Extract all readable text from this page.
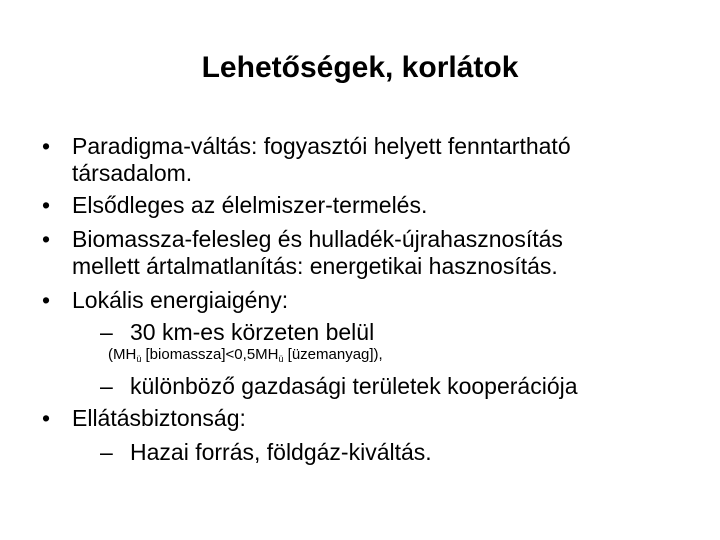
Lehetőségek, korlátok
• Paradigma-váltás: fogyasztói helyett fenntartható
társadalom.
• Elsődleges az élelmiszer-termelés.
• Biomassza-felesleg és hulladék-újrahasznosítás
mellett ártalmatlanítás: energetikai hasznosítás.
• Lokális energiaigény:
– 30 km-es körzeten belül
($MH_ü$ $[biomassza]<0,5MH_ü$ [üzemanyag]),
– különböző gazdasági területek kooperációja
• Ellátásbiztonság:
– Hazai forrás, földgáz-kiváltás.
